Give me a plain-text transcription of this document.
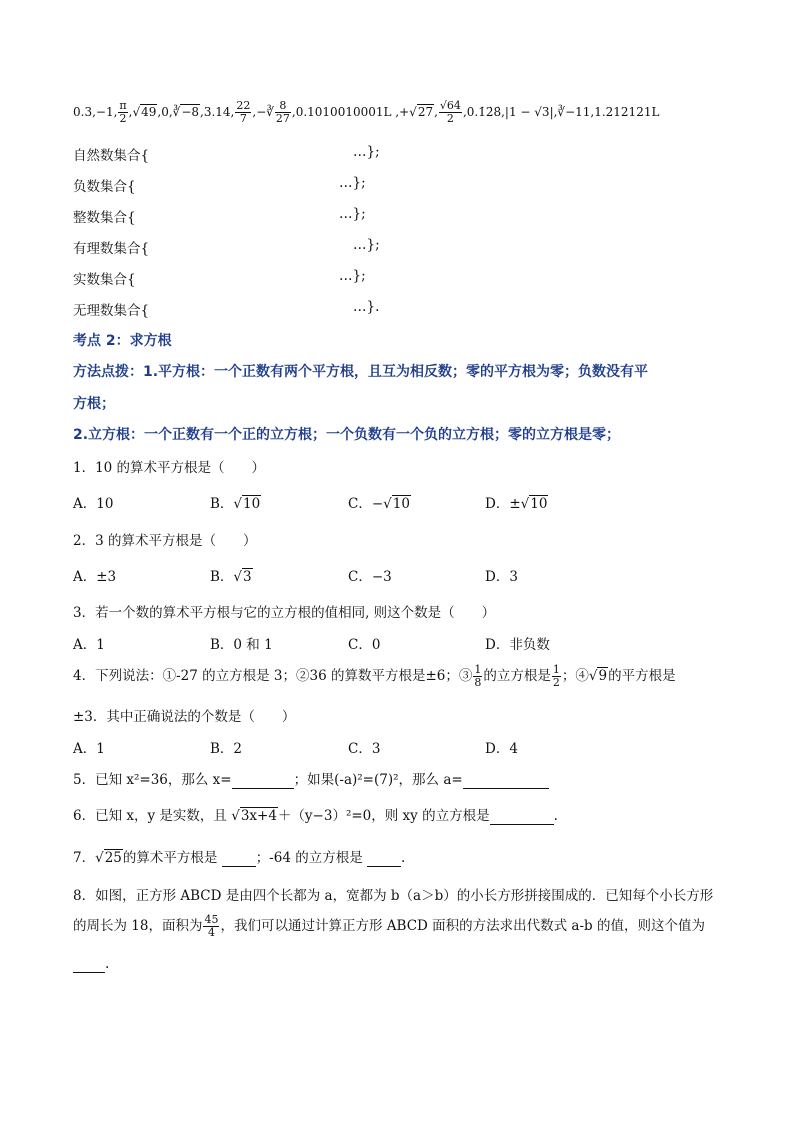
0.3,−1, $\frac{\pi}{2}$ ,√49,0,∛−8,3.14, $\frac{22}{7}$ ,−∛ $\frac{8}{27} ,0.1010010001L$ ,+√27, $\frac{√64}{2}$ ,0.1̇2̇8̇,|1 − √3|,∛−11,1.212121L
自然数集合{	…};
负数集合{	…};
整数集合{	…};
有理数集合{	…};
实数集合{	…};
无理数集合{	…}.
考点 2：求方根
方法点拨：1.平方根：一个正数有两个平方根，且互为相反数；零的平方根为零；负数没有平
方根；
2.立方根：一个正数有一个正的立方根；一个负数有一个负的立方根；零的立方根是零；
1．10 的算术平方根是（　　）
A．10	B．√10	C．−√10	D．±√10
2．3 的算术平方根是（　　）
A．±3	B．√3	C．−3	D．3
3．若一个数的算术平方根与它的立方根的值相同, 则这个数是（　　）
A．1	B．0 和 1	C．0	D．非负数
4．下列说法：①-27 的立方根是 3；②36 的算数平方根是±6；③ $\frac{1}{8}$ 的立方根是 $\frac{1}{2}$ ；④√9的平方根是
±3．其中正确说法的个数是（　　）
A．1	B．2	C．3	D．4
5．已知 x²=36，那么 x=	；如果(-a)²=(7)²，那么 a=
6．已知 x，y 是实数，且 √3x+4＋（y−3）²=0，则 xy 的立方根是	.
7．√25的算术平方根是	；-64 的立方根是	.
8．如图，正方形 ABCD 是由四个长都为 a，宽都为 b（a＞b）的小长方形拼接围成的．已知每个小长方形
的周长为 18，面积为 $\frac{45}{4}$ ，我们可以通过计算正方形 ABCD 面积的方法求出代数式 a-b 的值，则这个值为
.
